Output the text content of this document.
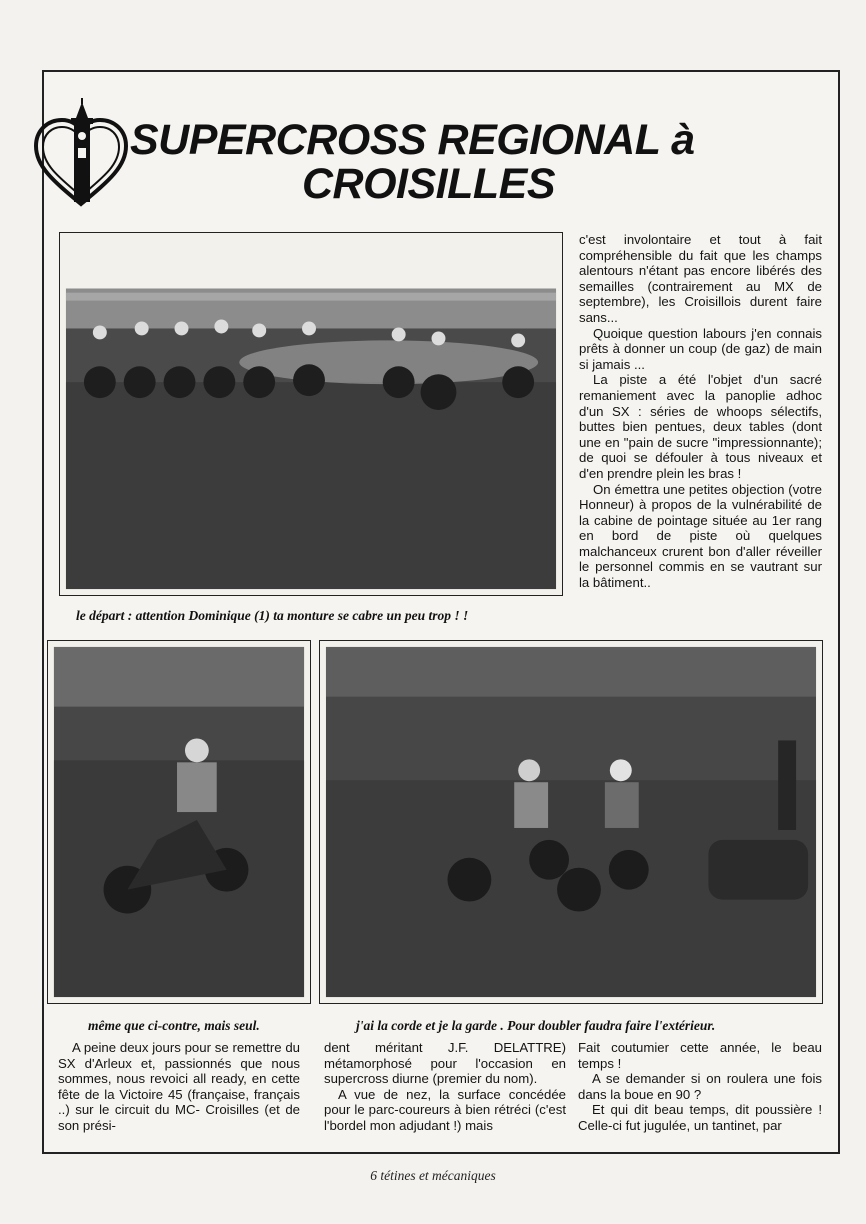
SUPERCROSS REGIONAL à
CROISILLES
le départ : attention Dominique (1) ta monture se cabre un peu trop ! !

c'est involontaire et tout à fait compréhensible du fait que les champs alentours n'étant pas encore libérés des semailles (contrairement au MX de septembre), les Croisillois durent faire sans...

Quoique question labours j'en connais prêts à donner un coup (de gaz) de main si jamais ...

La piste a été l'objet d'un sacré remaniement avec la panoplie adhoc d'un SX : séries de whoops sélectifs, buttes bien pentues, deux tables (dont une en "pain de sucre "impressionnante); de quoi se défouler à tous niveaux et d'en prendre plein les bras !

On émettra une petites objection (votre Honneur) à propos de la vulnérabilité de la cabine de pointage située au 1er rang en bord de piste où quelques malchanceux crurent bon d'aller réveiller le personnel commis en se vautrant sur la bâtiment..

même que ci-contre, mais seul.	j'ai la corde et je la garde . Pour doubler faudra faire l'extérieur.

A peine deux jours pour se remettre du SX d'Arleux et, passionnés que nous sommes, nous revoici all ready, en cette fête de la Victoire 45 (française, français ..) sur le circuit du MC- Croisilles (et de son prési-

dent méritant J.F. DELATTRE) métamorphosé pour l'occasion en supercross diurne (premier du nom).

A vue de nez, la surface concédée pour le parc-coureurs à bien rétréci (c'est l'bordel mon adjudant !) mais

Fait coutumier cette année, le beau temps !

A se demander si on roulera une fois dans la boue en 90 ?

Et qui dit beau temps, dit poussière ! Celle-ci fut jugulée, un tantinet, par

6 tétines et mécaniques
